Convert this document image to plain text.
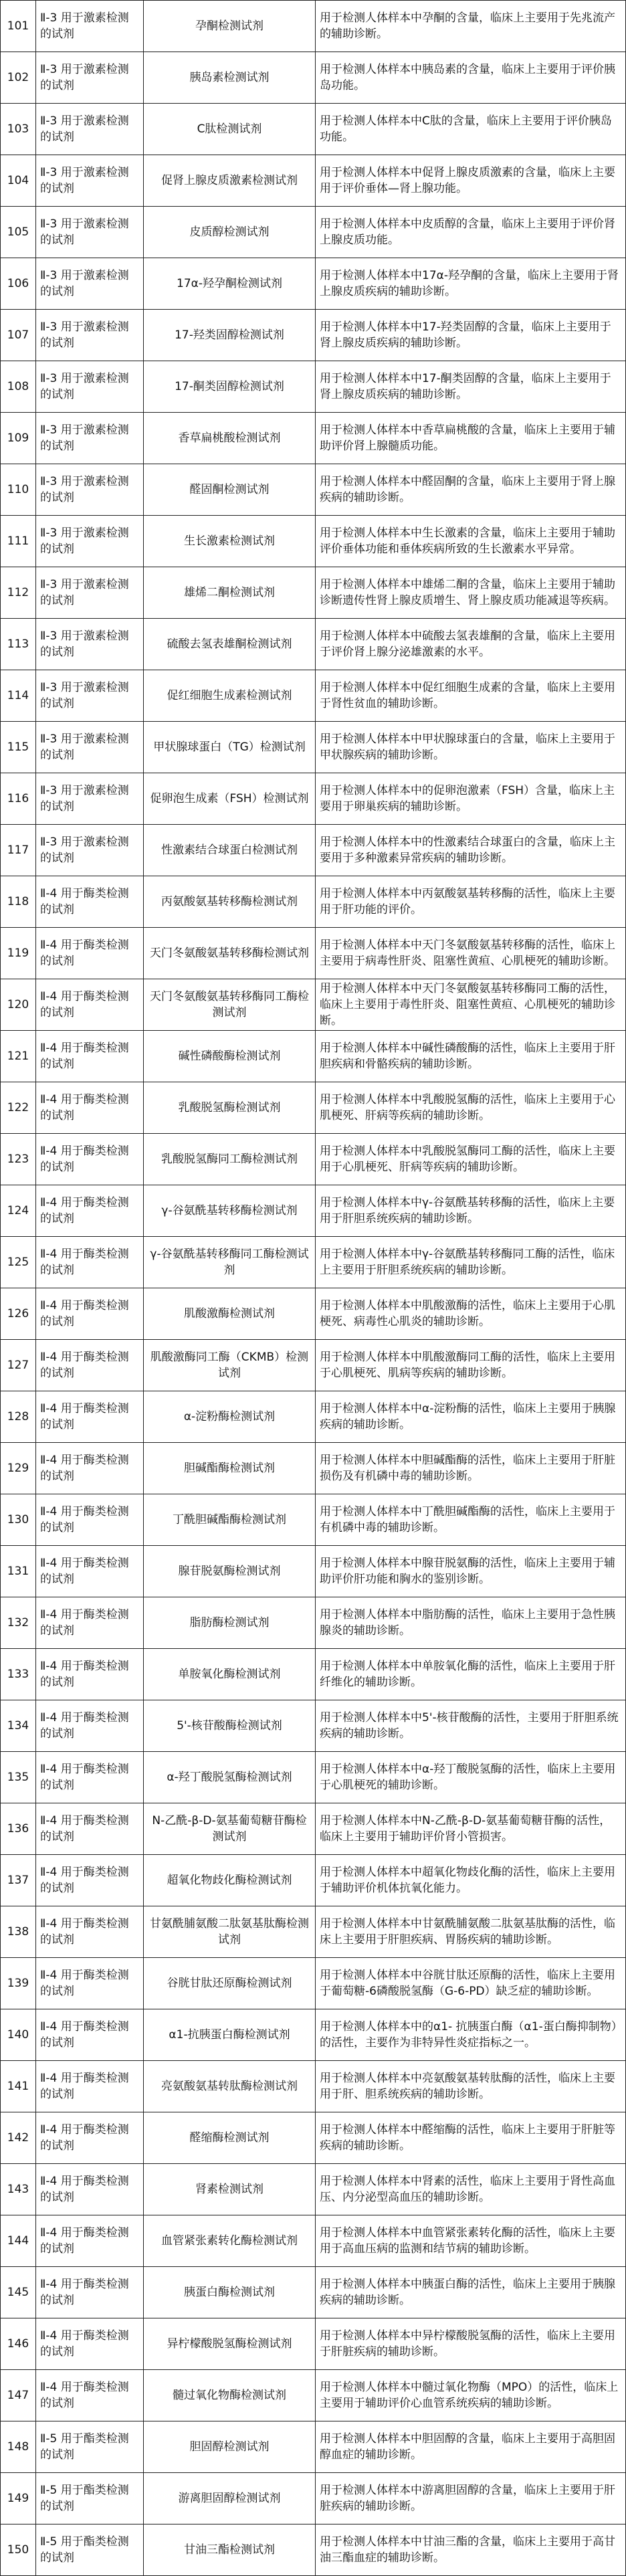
101	Ⅱ-3 用于激素检测的试剂	孕酮检测试剂	用于检测人体样本中孕酮的含量，临床上主要用于先兆流产的辅助诊断。
102	Ⅱ-3 用于激素检测的试剂	胰岛素检测试剂	用于检测人体样本中胰岛素的含量，临床上主要用于评价胰岛功能。
103	Ⅱ-3 用于激素检测的试剂	C肽检测试剂	用于检测人体样本中C肽的含量，临床上主要用于评价胰岛功能。
104	Ⅱ-3 用于激素检测的试剂	促肾上腺皮质激素检测试剂	用于检测人体样本中促肾上腺皮质激素的含量，临床上主要用于评价垂体—肾上腺功能。
105	Ⅱ-3 用于激素检测的试剂	皮质醇检测试剂	用于检测人体样本中皮质醇的含量，临床上主要用于评价肾上腺皮质功能。
106	Ⅱ-3 用于激素检测的试剂	17α-羟孕酮检测试剂	用于检测人体样本中17α-羟孕酮的含量，临床上主要用于肾上腺皮质疾病的辅助诊断。
107	Ⅱ-3 用于激素检测的试剂	17-羟类固醇检测试剂	用于检测人体样本中17-羟类固醇的含量，临床上主要用于肾上腺皮质疾病的辅助诊断。
108	Ⅱ-3 用于激素检测的试剂	17-酮类固醇检测试剂	用于检测人体样本中17-酮类固醇的含量，临床上主要用于肾上腺皮质疾病的辅助诊断。
109	Ⅱ-3 用于激素检测的试剂	香草扁桃酸检测试剂	用于检测人体样本中香草扁桃酸的含量，临床上主要用于辅助评价肾上腺髓质功能。
110	Ⅱ-3 用于激素检测的试剂	醛固酮检测试剂	用于检测人体样本中醛固酮的含量，临床上主要用于肾上腺疾病的辅助诊断。
111	Ⅱ-3 用于激素检测的试剂	生长激素检测试剂	用于检测人体样本中生长激素的含量，临床上主要用于辅助评价垂体功能和垂体疾病所致的生长激素水平异常。
112	Ⅱ-3 用于激素检测的试剂	雄烯二酮检测试剂	用于检测人体样本中雄烯二酮的含量，临床上主要用于辅助诊断遗传性肾上腺皮质增生、肾上腺皮质功能减退等疾病。
113	Ⅱ-3 用于激素检测的试剂	硫酸去氢表雄酮检测试剂	用于检测人体样本中硫酸去氢表雄酮的含量，临床上主要用于评价肾上腺分泌雄激素的水平。
114	Ⅱ-3 用于激素检测的试剂	促红细胞生成素检测试剂	用于检测人体样本中促红细胞生成素的含量，临床上主要用于肾性贫血的辅助诊断。
115	Ⅱ-3 用于激素检测的试剂	甲状腺球蛋白（TG）检测试剂	用于检测人体样本中甲状腺球蛋白的含量，临床上主要用于甲状腺疾病的辅助诊断。
116	Ⅱ-3 用于激素检测的试剂	促卵泡生成素（FSH）检测试剂	用于检测人体样本中的促卵泡激素（FSH）含量，临床上主要用于卵巢疾病的辅助诊断。
117	Ⅱ-3 用于激素检测的试剂	性激素结合球蛋白检测试剂	用于检测人体样本中的性激素结合球蛋白的含量，临床上主要用于多种激素异常疾病的辅助诊断。
118	Ⅱ-4 用于酶类检测的试剂	丙氨酸氨基转移酶检测试剂	用于检测人体样本中丙氨酸氨基转移酶的活性，临床上主要用于肝功能的评价。
119	Ⅱ-4 用于酶类检测的试剂	天门冬氨酸氨基转移酶检测试剂	用于检测人体样本中天门冬氨酸氨基转移酶的活性，临床上主要用于病毒性肝炎、阻塞性黄疸、心肌梗死的辅助诊断。
120	Ⅱ-4 用于酶类检测的试剂	天门冬氨酸氨基转移酶同工酶检测试剂	用于检测人体样本中天门冬氨酸氨基转移酶同工酶的活性，临床上主要用于毒性肝炎、阻塞性黄疸、心肌梗死的辅助诊断。
121	Ⅱ-4 用于酶类检测的试剂	碱性磷酸酶检测试剂	用于检测人体样本中碱性磷酸酶的活性，临床上主要用于肝胆疾病和骨骼疾病的辅助诊断。
122	Ⅱ-4 用于酶类检测的试剂	乳酸脱氢酶检测试剂	用于检测人体样本中乳酸脱氢酶的活性，临床上主要用于心肌梗死、肝病等疾病的辅助诊断。
123	Ⅱ-4 用于酶类检测的试剂	乳酸脱氢酶同工酶检测试剂	用于检测人体样本中乳酸脱氢酶同工酶的活性，临床上主要用于心肌梗死、肝病等疾病的辅助诊断。
124	Ⅱ-4 用于酶类检测的试剂	γ-谷氨酰基转移酶检测试剂	用于检测人体样本中γ-谷氨酰基转移酶的活性，临床上主要用于肝胆系统疾病的辅助诊断。
125	Ⅱ-4 用于酶类检测的试剂	γ-谷氨酰基转移酶同工酶检测试剂	用于检测人体样本中γ-谷氨酰基转移酶同工酶的活性，临床上主要用于肝胆系统疾病的辅助诊断。
126	Ⅱ-4 用于酶类检测的试剂	肌酸激酶检测试剂	用于检测人体样本中肌酸激酶的活性，临床上主要用于心肌梗死、病毒性心肌炎的辅助诊断。
127	Ⅱ-4 用于酶类检测的试剂	肌酸激酶同工酶（CKMB）检测试剂	用于检测人体样本中肌酸激酶同工酶的活性，临床上主要用于心肌梗死、肌病等疾病的辅助诊断。
128	Ⅱ-4 用于酶类检测的试剂	α-淀粉酶检测试剂	用于检测人体样本中α-淀粉酶的活性，临床上主要用于胰腺疾病的辅助诊断。
129	Ⅱ-4 用于酶类检测的试剂	胆碱酯酶检测试剂	用于检测人体样本中胆碱酯酶的活性，临床上主要用于肝脏损伤及有机磷中毒的辅助诊断。
130	Ⅱ-4 用于酶类检测的试剂	丁酰胆碱酯酶检测试剂	用于检测人体样本中丁酰胆碱酯酶的活性，临床上主要用于有机磷中毒的辅助诊断。
131	Ⅱ-4 用于酶类检测的试剂	腺苷脱氨酶检测试剂	用于检测人体样本中腺苷脱氨酶的活性，临床上主要用于辅助评价肝功能和胸水的鉴别诊断。
132	Ⅱ-4 用于酶类检测的试剂	脂肪酶检测试剂	用于检测人体样本中脂肪酶的活性，临床上主要用于急性胰腺炎的辅助诊断。
133	Ⅱ-4 用于酶类检测的试剂	单胺氧化酶检测试剂	用于检测人体样本中单胺氧化酶的活性，临床上主要用于肝纤维化的辅助诊断。
134	Ⅱ-4 用于酶类检测的试剂	5'-核苷酸酶检测试剂	用于检测人体样本中5'-核苷酸酶的活性，主要用于肝胆系统疾病的辅助诊断。
135	Ⅱ-4 用于酶类检测的试剂	α-羟丁酸脱氢酶检测试剂	用于检测人体样本中α-羟丁酸脱氢酶的活性，临床上主要用于心肌梗死的辅助诊断。
136	Ⅱ-4 用于酶类检测的试剂	N-乙酰-β-D-氨基葡萄糖苷酶检测试剂	用于检测人体样本中N-乙酰-β-D-氨基葡萄糖苷酶的活性，临床上主要用于辅助评价肾小管损害。
137	Ⅱ-4 用于酶类检测的试剂	超氧化物歧化酶检测试剂	用于检测人体样本中超氧化物歧化酶的活性，临床上主要用于辅助评价机体抗氧化能力。
138	Ⅱ-4 用于酶类检测的试剂	甘氨酰脯氨酸二肽氨基肽酶检测试剂	用于检测人体样本中甘氨酰脯氨酸二肽氨基肽酶的活性，临床上主要用于肝胆疾病、胃肠疾病的辅助诊断。
139	Ⅱ-4 用于酶类检测的试剂	谷胱甘肽还原酶检测试剂	用于检测人体样本中谷胱甘肽还原酶的活性，临床上主要用于葡萄糖-6磷酸脱氢酶（G-6-PD）缺乏症的辅助诊断。
140	Ⅱ-4 用于酶类检测的试剂	α1-抗胰蛋白酶检测试剂	用于检测人体样本中的α1- 抗胰蛋白酶（α1-蛋白酶抑制物）的活性，主要作为非特异性炎症指标之一。
141	Ⅱ-4 用于酶类检测的试剂	亮氨酸氨基转肽酶检测试剂	用于检测人体样本中亮氨酸氨基转肽酶的活性，临床上主要用于肝、胆系统疾病的辅助诊断。
142	Ⅱ-4 用于酶类检测的试剂	醛缩酶检测试剂	用于检测人体样本中醛缩酶的活性，临床上主要用于肝脏等疾病的辅助诊断。
143	Ⅱ-4 用于酶类检测的试剂	肾素检测试剂	用于检测人体样本中肾素的活性，临床上主要用于肾性高血压、内分泌型高血压的辅助诊断。
144	Ⅱ-4 用于酶类检测的试剂	血管紧张素转化酶检测试剂	用于检测人体样本中血管紧张素转化酶的活性，临床上主要用于高血压病的监测和结节病的辅助诊断。
145	Ⅱ-4 用于酶类检测的试剂	胰蛋白酶检测试剂	用于检测人体样本中胰蛋白酶的活性，临床上主要用于胰腺疾病的辅助诊断。
146	Ⅱ-4 用于酶类检测的试剂	异柠檬酸脱氢酶检测试剂	用于检测人体样本中异柠檬酸脱氢酶的活性，临床上主要用于肝脏疾病的辅助诊断。
147	Ⅱ-4 用于酶类检测的试剂	髓过氧化物酶检测试剂	用于检测人体样本中髓过氧化物酶（MPO）的活性，临床上主要用于辅助评价心血管系统疾病的辅助诊断。
148	Ⅱ-5 用于酯类检测的试剂	胆固醇检测试剂	用于检测人体样本中胆固醇的含量，临床上主要用于高胆固醇血症的辅助诊断。
149	Ⅱ-5 用于酯类检测的试剂	游离胆固醇检测试剂	用于检测人体样本中游离胆固醇的含量，临床上主要用于肝脏疾病的辅助诊断。
150	Ⅱ-5 用于酯类检测的试剂	甘油三酯检测试剂	用于检测人体样本中甘油三酯的含量，临床上主要用于高甘油三酯血症的辅助诊断。
